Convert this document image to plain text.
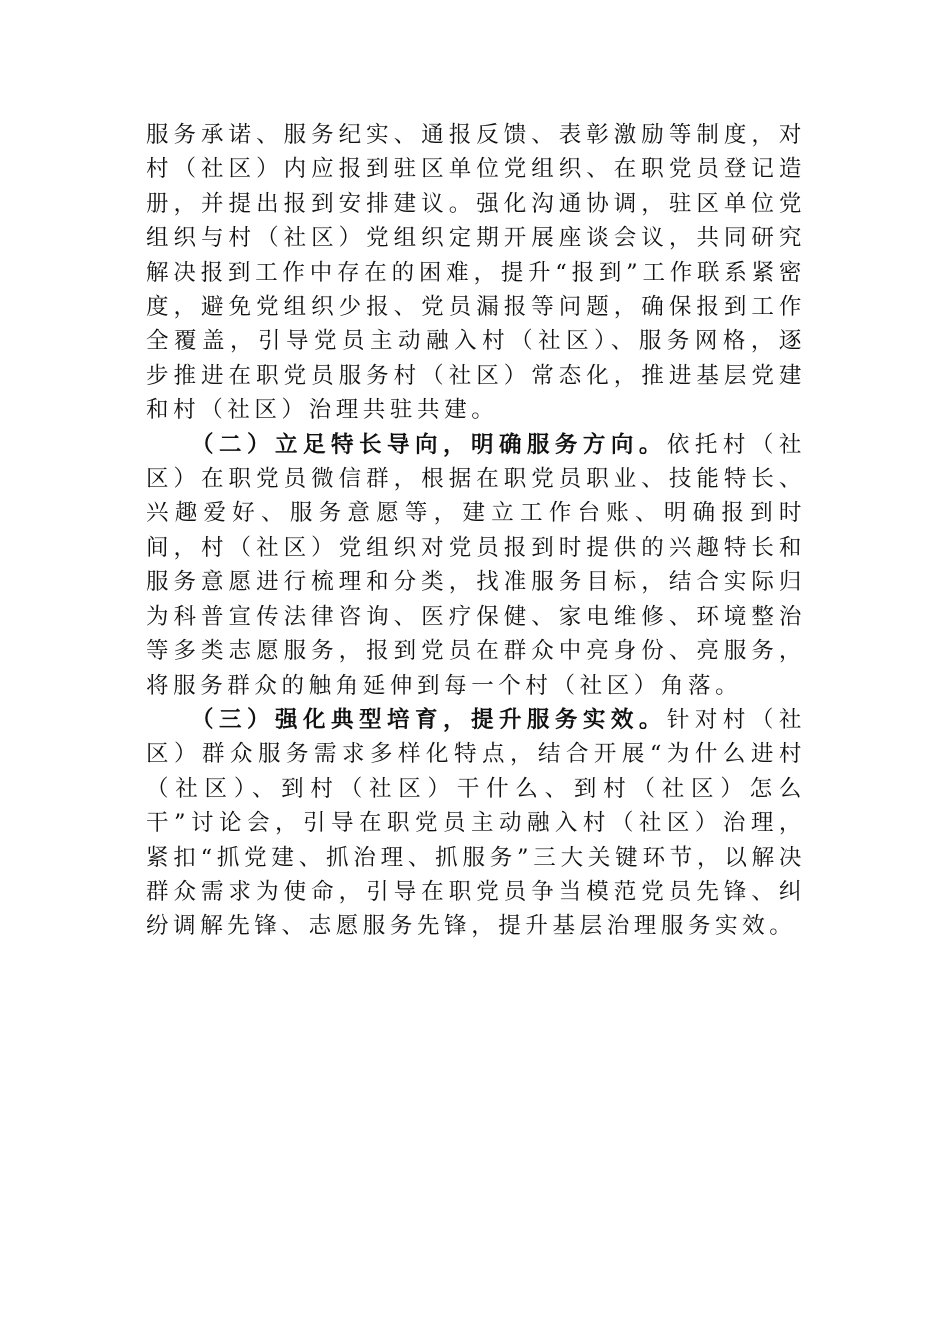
服务承诺、服务纪实、通报反馈、表彰激励等制度，对村（社区）内应报到驻区单位党组织、在职党员登记造册，并提出报到安排建议。强化沟通协调，驻区单位党组织与村（社区）党组织定期开展座谈会议，共同研究解决报到工作中存在的困难，提升“报到”工作联系紧密度，避免党组织少报、党员漏报等问题，确保报到工作全覆盖，引导党员主动融入村（社区）、服务网格，逐步推进在职党员服务村（社区）常态化，推进基层党建和村（社区）治理共驻共建。

（二）立足特长导向，明确服务方向。依托村（社区）在职党员微信群，根据在职党员职业、技能特长、兴趣爱好、服务意愿等，建立工作台账、明确报到时间，村（社区）党组织对党员报到时提供的兴趣特长和服务意愿进行梳理和分类，找准服务目标，结合实际归为科普宣传法律咨询、医疗保健、家电维修、环境整治等多类志愿服务，报到党员在群众中亮身份、亮服务，将服务群众的触角延伸到每一个村（社区）角落。

（三）强化典型培育，提升服务实效。针对村（社区）群众服务需求多样化特点，结合开展“为什么进村（社区）、到村（社区）干什么、到村（社区）怎么干”讨论会，引导在职党员主动融入村（社区）治理，紧扣“抓党建、抓治理、抓服务”三大关键环节，以解决群众需求为使命，引导在职党员争当模范党员先锋、纠纷调解先锋、志愿服务先锋，提升基层治理服务实效。
